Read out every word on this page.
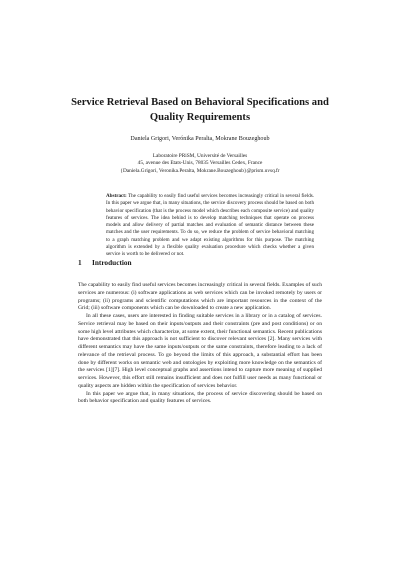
Service Retrieval Based on Behavioral Specifications and Quality Requirements

Daniela Grigori, Verónika Peralta, Mokrane Bouzeghoub

Laboratoire PRiSM, Université de Versailles
45, avenue des Etats-Unis, 78035 Versailles Cedex, France
{Daniela.Grigori, Veronika.Peralta, Mokrane.Bouzeghoub}@prism.uvsq.fr

Abstract: The capability to easily find useful services becomes increasingly critical in several fields. In this paper we argue that, in many situations, the service discovery process should be based on both behavior specification (that is the process model which describes each composite service) and quality features of services. The idea behind is to develop matching techniques that operate on process models and allow delivery of partial matches and evaluation of semantic distance between these matches and the user requirements. To do so, we reduce the problem of service behavioral matching to a graph matching problem and we adapt existing algorithms for this purpose. The matching algorithm is extended by a flexible quality evaluation procedure which checks whether a given service is worth to be delivered or not.

1 Introduction

The capability to easily find useful services becomes increasingly critical in several fields. Examples of such services are numerous: (i) software applications as web services which can be invoked remotely by users or programs; (ii) programs and scientific computations which are important resources in the context of the Grid; (iii) software components which can be downloaded to create a new application.

In all these cases, users are interested in finding suitable services in a library or in a catalog of services. Service retrieval may be based on their inputs/outputs and their constraints (pre and post conditions) or on some high level attributes which characterize, at some extent, their functional semantics. Recent publications have demonstrated that this approach is not sufficient to discover relevant services [2]. Many services with different semantics may have the same inputs/outputs or the same constraints, therefore leading to a lack of relevance of the retrieval process. To go beyond the limits of this approach, a substantial effort has been done by different works on semantic web and ontologies by exploiting more knowledge on the semantics of the services [1][7]. High level conceptual graphs and assertions intend to capture more meaning of supplied services. However, this effort still remains insufficient and does not fulfill user needs as many functional or quality aspects are hidden within the specification of services behavior.

In this paper we argue that, in many situations, the process of service discovering should be based on both behavior specification and quality features of services.
